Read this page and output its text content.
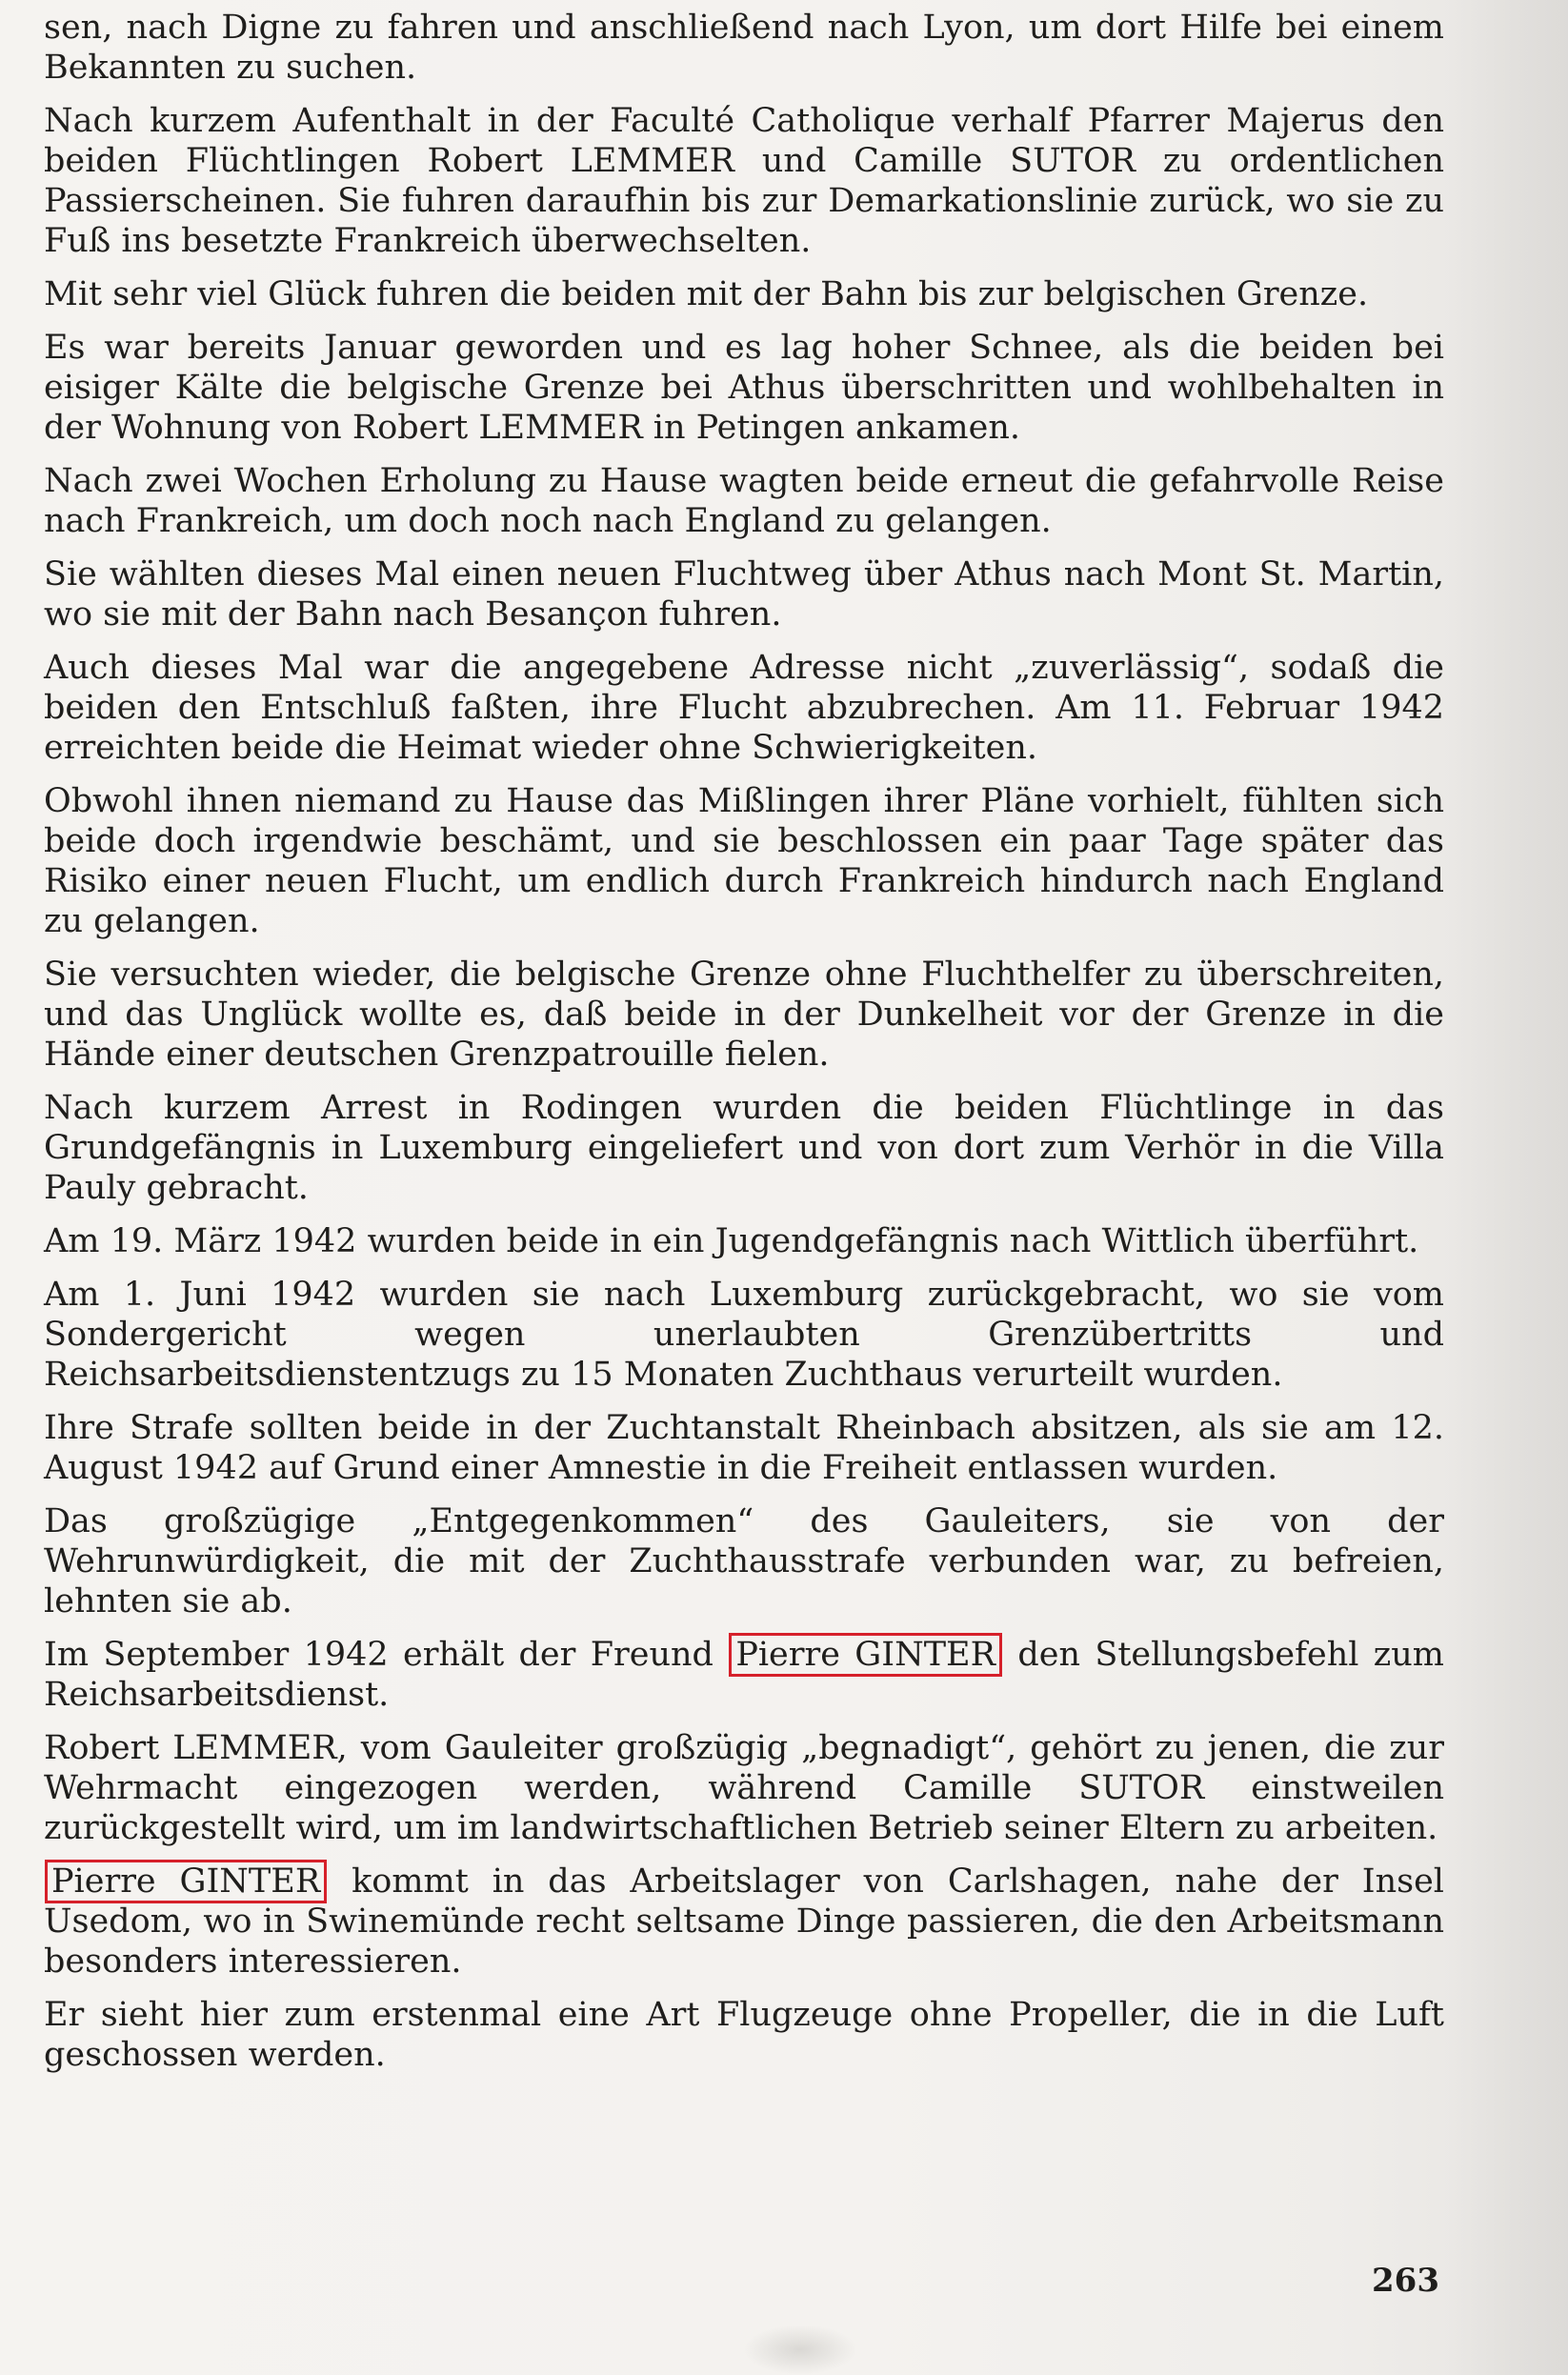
sen, nach Digne zu fahren und anschließend nach Lyon, um dort Hilfe bei einem Bekannten zu suchen.

Nach kurzem Aufenthalt in der Faculté Catholique verhalf Pfarrer Majerus den beiden Flüchtlingen Robert LEMMER und Camille SUTOR zu ordentlichen Passierscheinen. Sie fuhren daraufhin bis zur Demarkationslinie zurück, wo sie zu Fuß ins besetzte Frankreich überwechselten.

Mit sehr viel Glück fuhren die beiden mit der Bahn bis zur belgischen Grenze.

Es war bereits Januar geworden und es lag hoher Schnee, als die beiden bei eisiger Kälte die belgische Grenze bei Athus überschritten und wohlbehalten in der Wohnung von Robert LEMMER in Petingen ankamen.

Nach zwei Wochen Erholung zu Hause wagten beide erneut die gefahrvolle Reise nach Frankreich, um doch noch nach England zu gelangen.

Sie wählten dieses Mal einen neuen Fluchtweg über Athus nach Mont St. Martin, wo sie mit der Bahn nach Besançon fuhren.

Auch dieses Mal war die angegebene Adresse nicht „zuverlässig“, sodaß die beiden den Entschluß faßten, ihre Flucht abzubrechen. Am 11. Februar 1942 erreichten beide die Heimat wieder ohne Schwierigkeiten.

Obwohl ihnen niemand zu Hause das Mißlingen ihrer Pläne vorhielt, fühlten sich beide doch irgendwie beschämt, und sie beschlossen ein paar Tage später das Risiko einer neuen Flucht, um endlich durch Frankreich hindurch nach England zu gelangen.

Sie versuchten wieder, die belgische Grenze ohne Fluchthelfer zu überschreiten, und das Unglück wollte es, daß beide in der Dunkelheit vor der Grenze in die Hände einer deutschen Grenzpatrouille fielen.

Nach kurzem Arrest in Rodingen wurden die beiden Flüchtlinge in das Grundgefängnis in Luxemburg eingeliefert und von dort zum Verhör in die Villa Pauly gebracht.

Am 19. März 1942 wurden beide in ein Jugendgefängnis nach Wittlich überführt.

Am 1. Juni 1942 wurden sie nach Luxemburg zurückgebracht, wo sie vom Sondergericht wegen unerlaubten Grenzübertritts und Reichsarbeitsdienstentzugs zu 15 Monaten Zuchthaus verurteilt wurden.

Ihre Strafe sollten beide in der Zuchtanstalt Rheinbach absitzen, als sie am 12. August 1942 auf Grund einer Amnestie in die Freiheit entlassen wurden.

Das großzügige „Entgegenkommen“ des Gauleiters, sie von der Wehrunwürdigkeit, die mit der Zuchthausstrafe verbunden war, zu befreien, lehnten sie ab.

Im September 1942 erhält der Freund Pierre GINTER den Stellungsbefehl zum Reichsarbeitsdienst.

Robert LEMMER, vom Gauleiter großzügig „begnadigt“, gehört zu jenen, die zur Wehrmacht eingezogen werden, während Camille SUTOR einstweilen zurückgestellt wird, um im landwirtschaftlichen Betrieb seiner Eltern zu arbeiten.

Pierre GINTER kommt in das Arbeitslager von Carlshagen, nahe der Insel Usedom, wo in Swinemünde recht seltsame Dinge passieren, die den Arbeitsmann besonders interessieren.

Er sieht hier zum erstenmal eine Art Flugzeuge ohne Propeller, die in die Luft geschossen werden.

263
